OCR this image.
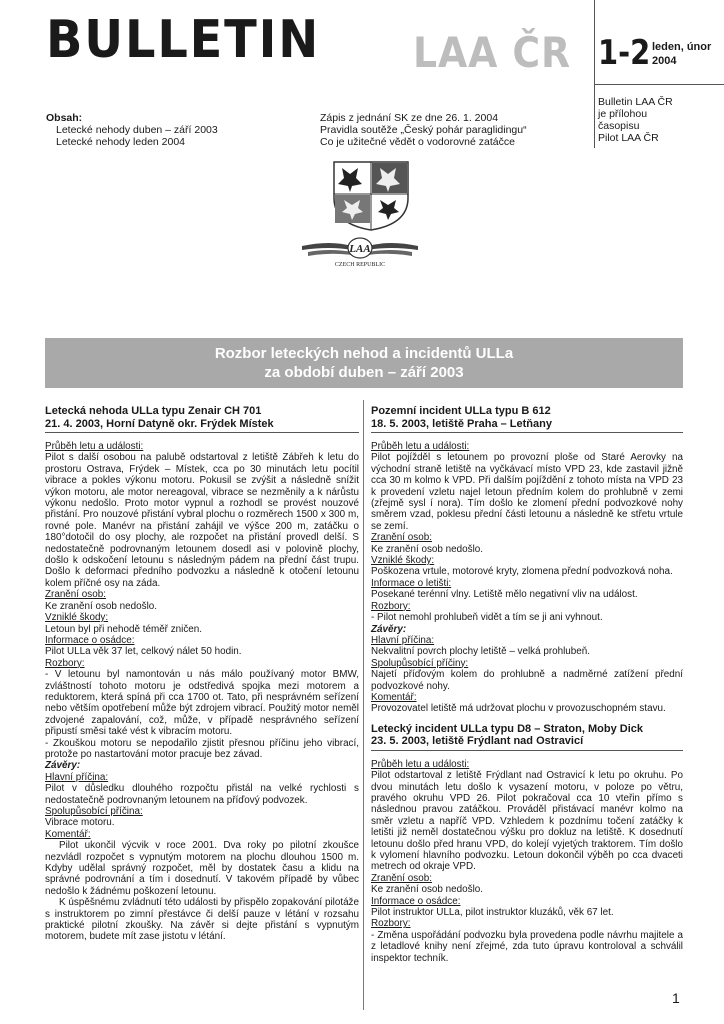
BULLETIN LAA ČR 1-2 leden, únor
2004
Bulletin LAA ČR
je přílohou
časopisu
Pilot LAA ČR
Obsah:
Letecké nehody duben – září 2003
Letecké nehody leden 2004
Zápis z jednání SK ze dne 26. 1. 2004
Pravidla soutěže „Český pohár paraglidingu“
Co je užitečné vědět o vodorovné zatáčce
LAA
CZECH REPUBLIC
Rozbor leteckých nehod a incidentů ULLa
za období duben – září 2003
Letecká nehoda ULLa typu Zenair CH 701
21. 4. 2003, Horní Datyně okr. Frýdek Místek
Průběh letu a události:
Pilot s další osobou na palubě odstartoval z letiště Zábřeh k letu do prostoru Ostrava, Frýdek – Místek, cca po 30 minutách letu pocítil vibrace a pokles výkonu motoru. Pokusil se zvýšit a následně snížit výkon motoru, ale motor nereagoval, vibrace se nezměnily a k nárůstu výkonu nedošlo. Proto motor vypnul a rozhodl se provést nouzové přistání. Pro nouzové přistání vybral plochu o rozměrech 1500 x 300 m, rovné pole. Manévr na přistání zahájil ve výšce 200 m, zatáčku o 180°dotočil do osy plochy, ale rozpočet na přistání provedl delší. S nedostatečně podrovnaným letounem dosedl asi v polovině plochy, došlo k odskočení letounu s následným pádem na přední část trupu. Došlo k deformaci předního podvozku a následně k otočení letounu kolem příčné osy na záda.
Zranění osob:
Ke zranění osob nedošlo.
Vzniklé škody:
Letoun byl při nehodě téměř zničen.
Informace o osádce:
Pilot ULLa věk 37 let, celkový nálet 50 hodin.
Rozbory:
- V letounu byl namontován u nás málo používaný motor BMW, zvláštností tohoto motoru je odstředivá spojka mezi motorem a reduktorem, která spíná při cca 1700 ot. Tato, při nesprávném seřízení nebo větším opotřebení může být zdrojem vibrací. Použitý motor neměl zdvojené zapalování, což, může, v případě nesprávného seřízení připustí směsi také vést k vibracím motoru.
- Zkouškou motoru se nepodařilo zjistit přesnou příčinu jeho vibrací, protože po nastartování motor pracuje bez závad.
Závěry:
Hlavní příčina:
Pilot v důsledku dlouhého rozpočtu přistál na velké rychlosti s nedostatečně podrovnaným letounem na příďový podvozek.
Spolupůsobící příčina:
Vibrace motoru.
Komentář:
Pilot ukončil výcvik v roce 2001. Dva roky po pilotní zkoušce nezvládl rozpočet s vypnutým motorem na plochu dlouhou 1500 m. Kdyby udělal správný rozpočet, měl by dostatek času a klidu na správné podrovnání a tím i dosednutí. V takovém případě by vůbec nedošlo k žádnému poškození letounu.
K úspěšnému zvládnutí této události by přispělo zopakování pilotáže s instruktorem po zimní přestávce či delší pauze v létání v rozsahu praktické pilotní zkoušky. Na závěr si dejte přistání s vypnutým motorem, budete mít zase jistotu v létání.
Pozemní incident ULLa typu B 612
18. 5. 2003, letiště Praha – Letňany
Průběh letu a události:
Pilot pojížděl s letounem po provozní ploše od Staré Aerovky na východní straně letiště na vyčkávací místo VPD 23, kde zastavil jižně cca 30 m kolmo k VPD. Při dalším pojíždění z tohoto místa na VPD 23 k provedení vzletu najel letoun předním kolem do prohlubně v zemi (zřejmě sysl í nora). Tím došlo ke zlomení přední podvozkové nohy směrem vzad, poklesu přední části letounu a následně ke střetu vrtule se zemí.
Zranění osob:
Ke zranění osob nedošlo.
Vzniklé škody:
Poškozena vrtule, motorové kryty, zlomena přední podvozková noha.
Informace o letišti:
Posekané terénní vlny. Letiště mělo negativní vliv na událost.
Rozbory:
- Pilot nemohl prohlubeň vidět a tím se ji ani vyhnout.
Závěry:
Hlavní příčina:
Nekvalitní povrch plochy letiště – velká prohlubeň.
Spolupůsobící příčiny:
Najetí příďovým kolem do prohlubně a nadměrné zatížení přední podvozkové nohy.
Komentář:
Provozovatel letiště má udržovat plochu v provozuschopném stavu.
Letecký incident ULLa typu D8 – Straton, Moby Dick
23. 5. 2003, letiště Frýdlant nad Ostravicí
Průběh letu a události:
Pilot odstartoval z letiště Frýdlant nad Ostravicí k letu po okruhu. Po dvou minutách letu došlo k vysazení motoru, v poloze po větru, pravého okruhu VPD 26. Pilot pokračoval cca 10 vteřin přímo s následnou pravou zatáčkou. Prováděl přistávací manévr kolmo na směr vzletu a napříč VPD. Vzhledem k pozdnímu točení zatáčky k letišti již neměl dostatečnou výšku pro dokluz na letiště. K dosednutí letounu došlo před hranu VPD, do kolejí vyjetých traktorem. Tím došlo k vylomení hlavního podvozku. Letoun dokončil výběh po cca dvaceti metrech od okraje VPD.
Zranění osob:
Ke zranění osob nedošlo.
Informace o osádce:
Pilot instruktor ULLa, pilot instruktor kluzáků, věk 67 let.
Rozbory:
- Změna uspořádání podvozku byla provedena podle návrhu majitele a z letadlové knihy není zřejmé, zda tuto úpravu kontroloval a schválil inspektor techník.
1
